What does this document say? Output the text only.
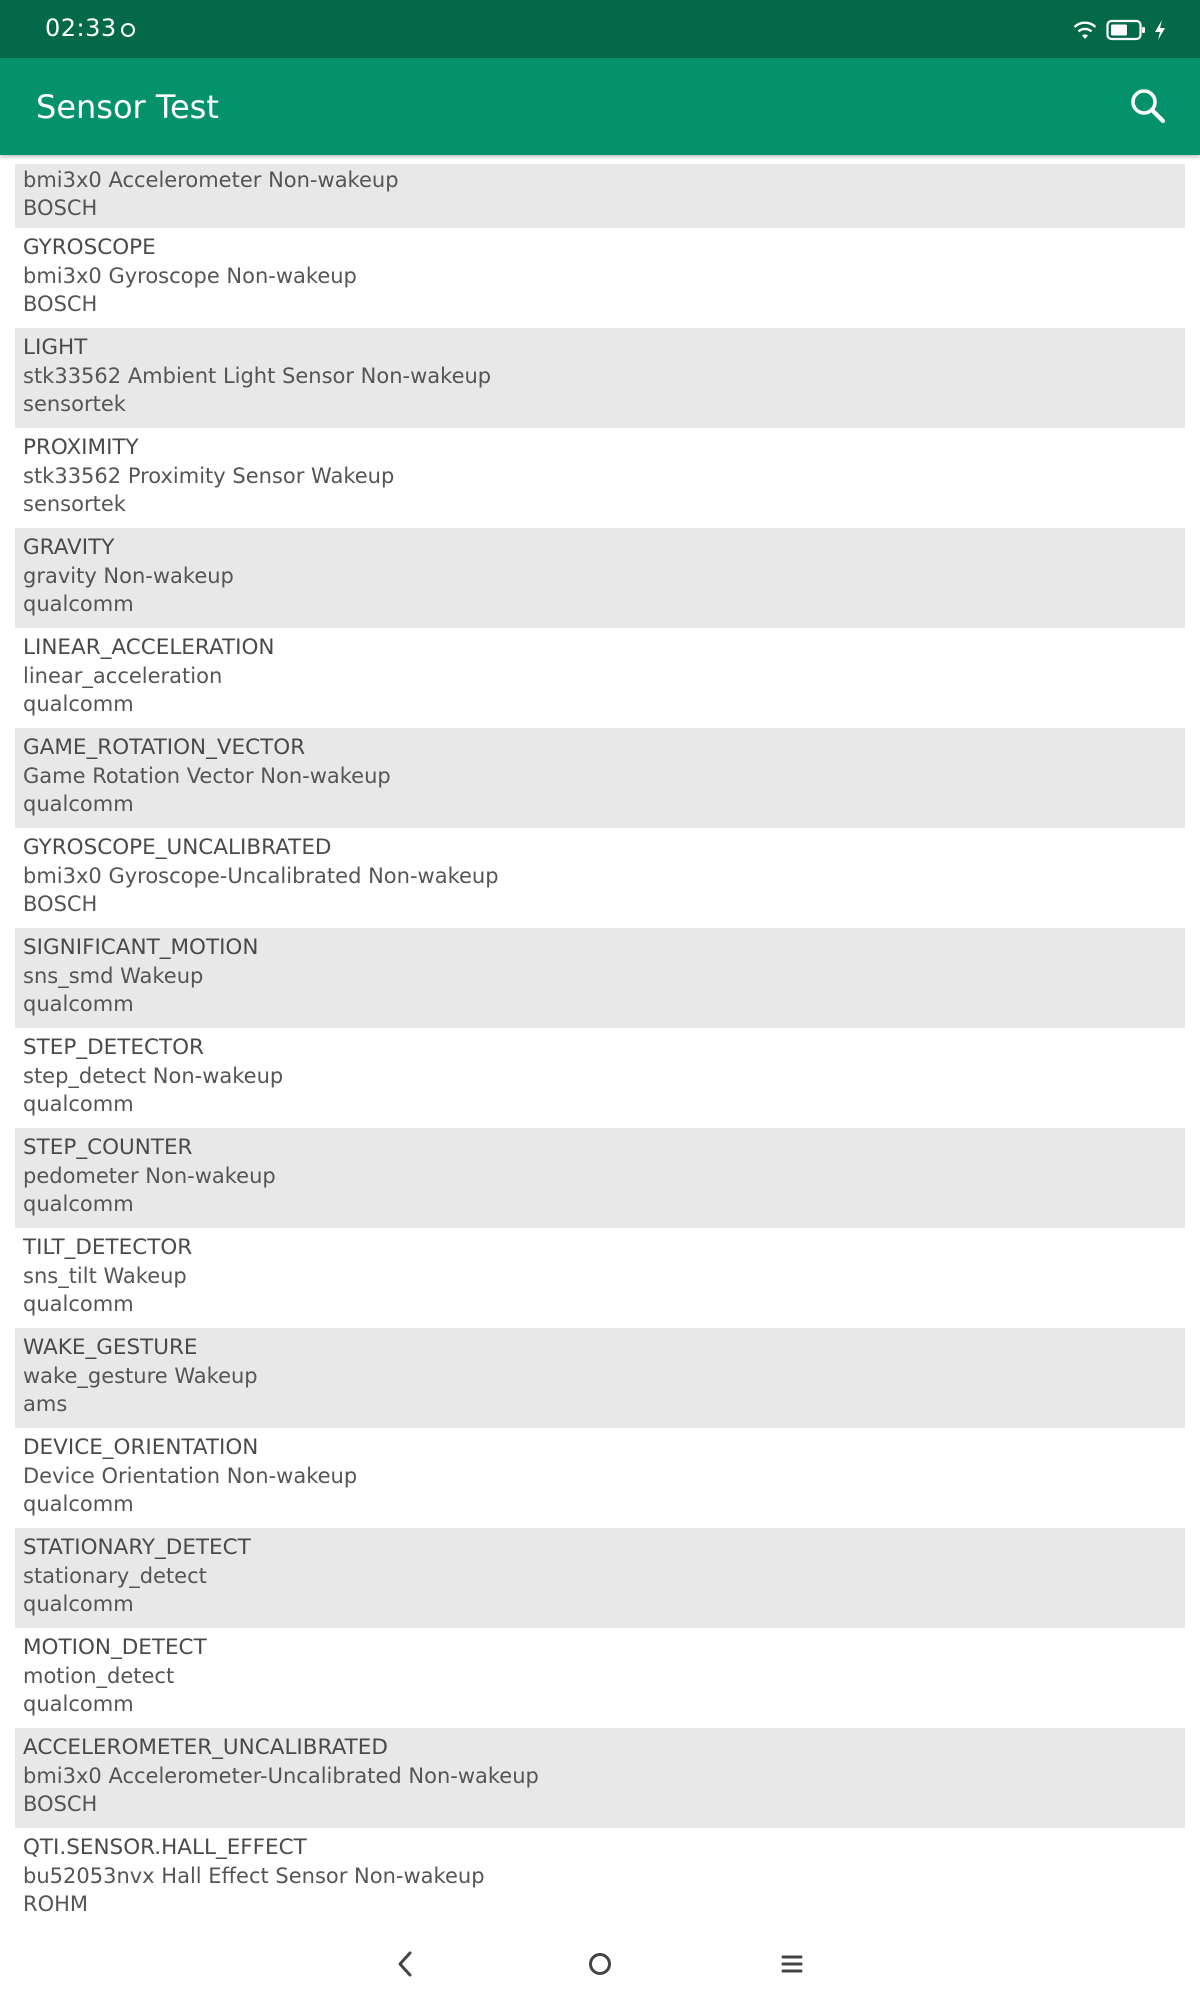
02:33
Sensor Test
bmi3x0 Accelerometer Non-wakeup
BOSCH
GYROSCOPE
bmi3x0 Gyroscope Non-wakeup
BOSCH
LIGHT
stk33562 Ambient Light Sensor Non-wakeup
sensortek
PROXIMITY
stk33562 Proximity Sensor Wakeup
sensortek
GRAVITY
gravity Non-wakeup
qualcomm
LINEAR_ACCELERATION
linear_acceleration
qualcomm
GAME_ROTATION_VECTOR
Game Rotation Vector Non-wakeup
qualcomm
GYROSCOPE_UNCALIBRATED
bmi3x0 Gyroscope-Uncalibrated Non-wakeup
BOSCH
SIGNIFICANT_MOTION
sns_smd Wakeup
qualcomm
STEP_DETECTOR
step_detect Non-wakeup
qualcomm
STEP_COUNTER
pedometer Non-wakeup
qualcomm
TILT_DETECTOR
sns_tilt Wakeup
qualcomm
WAKE_GESTURE
wake_gesture Wakeup
ams
DEVICE_ORIENTATION
Device Orientation Non-wakeup
qualcomm
STATIONARY_DETECT
stationary_detect
qualcomm
MOTION_DETECT
motion_detect
qualcomm
ACCELEROMETER_UNCALIBRATED
bmi3x0 Accelerometer-Uncalibrated Non-wakeup
BOSCH
QTI.SENSOR.HALL_EFFECT
bu52053nvx Hall Effect Sensor Non-wakeup
ROHM
